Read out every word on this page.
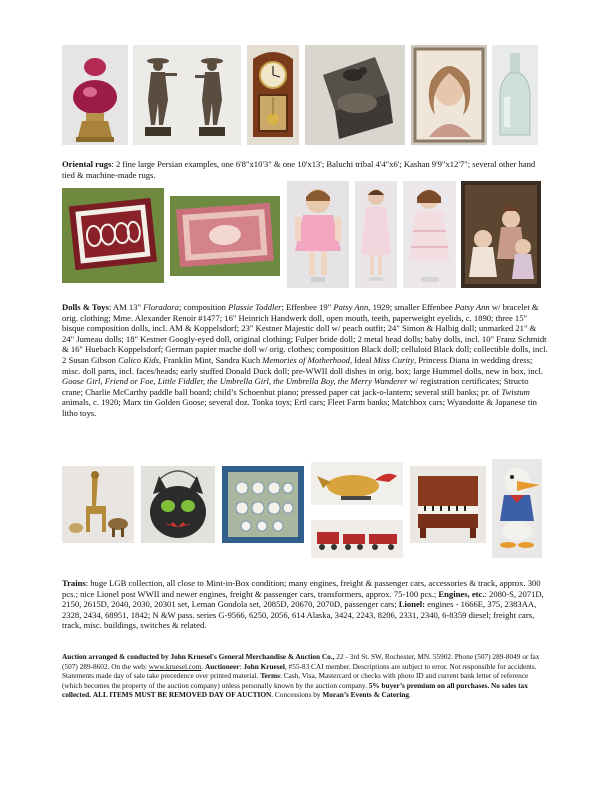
Oriental rugs: 2 fine large Persian examples, one 6'8"x10'3" & one 10'x13'; Baluchi tribal 4'4"x6'; Kashan 9'9"x12'7"; several other hand tied & machine-made rugs.
Dolls & Toys: AM 13" Floradora; composition Plassie Toddler; Effenbee 19" Patsy Ann, 1929; smaller Effenbee Patsy Ann w/ bracelet & orig. clothing; Mme. Alexander Renoir #1477; 16" Heinrich Handwerk doll, open mouth, teeth, paperweight eyelids, c. 1890; three 15" bisque composition dolls, incl. AM & Koppelsdorf; 23" Kestner Majestic doll w/ peach outfit; 24" Simon & Halbig doll; unmarked 21" & 24" Jumeau dolls; 18" Kestner Googly-eyed doll, original clothing; Fulper bride doll; 2 metal head dolls; baby dolls, incl. 10" Franz Schmidt & 16" Huebach Koppelsdorf; German papier mache doll w/ orig. clothes; composition Black doll; celluloid Black doll; collectible dolls, incl. 2 Susan Gibson Calico Kids, Franklin Mint, Sandra Kuch Memories of Motherhood, Ideal Miss Curity, Princess Diana in wedding dress; misc. doll parts, incl. faces/heads; early stuffed Donald Duck doll; pre-WWII doll dishes in orig. box; large Hummel dolls, new in box, incl. Goose Girl, Friend or Foe, Little Fiddler, the Umbrella Girl, the Umbrella Boy, the Merry Wanderer w/ registration certificates; Structo crane; Charlie McCarthy paddle ball board; child’s Schoenhut piano; pressed paper cat jack-o-lantern; several still banks; pr. of Twistum animals, c. 1920; Marx tin Golden Goose; several doz. Tonka toys; Ertl cars; Fleet Farm banks; Matchbox cars; Wyandotte & Japanese tin litho toys.
Trains: huge LGB collection, all close to Mint-in-Box condition; many engines, freight & passenger cars, accessories & track, approx. 300 pcs.; nice Lionel post WWII and newer engines, freight & passenger cars, transformers, approx. 75-100 pcs.; Engines, etc.: 2080-S, 2071D, 2150, 2615D, 2040, 2030, 20301 set, Leman Gondola set, 2085D, 20670, 2070D, passenger cars; Lionel: engines - 1666E, 375, 2383AA, 2328, 2434, 68951, 1842; N &W pass. series G-9566, 6250, 2056, 614 Alaska, 3424, 2243, 8206, 2331, 2340, 6-8359 diesel; freight cars, track, misc. buildings, switches & related.
Auction arranged & conducted by John Kruesel's General Merchandise & Auction Co., 22 - 3rd St. SW, Rochester, MN. 55902. Phone (507) 289-8049 or fax (507) 289-8602. On the web: www.kruesel.com. Auctioneer: John Kruesel, #55-83 CAI member. Descriptions are subject to error. Not responsible for accidents. Statements made day of sale take precedence over printed material. Terms: Cash, Visa, Mastercard or checks with photo ID and current bank letter of reference (which becomes the property of the auction company) unless personally known by the auction company. 5% buyer’s premium on all purchases. No sales tax collected. ALL ITEMS MUST BE REMOVED DAY OF AUCTION. Concessions by Moran’s Events & Catering.
